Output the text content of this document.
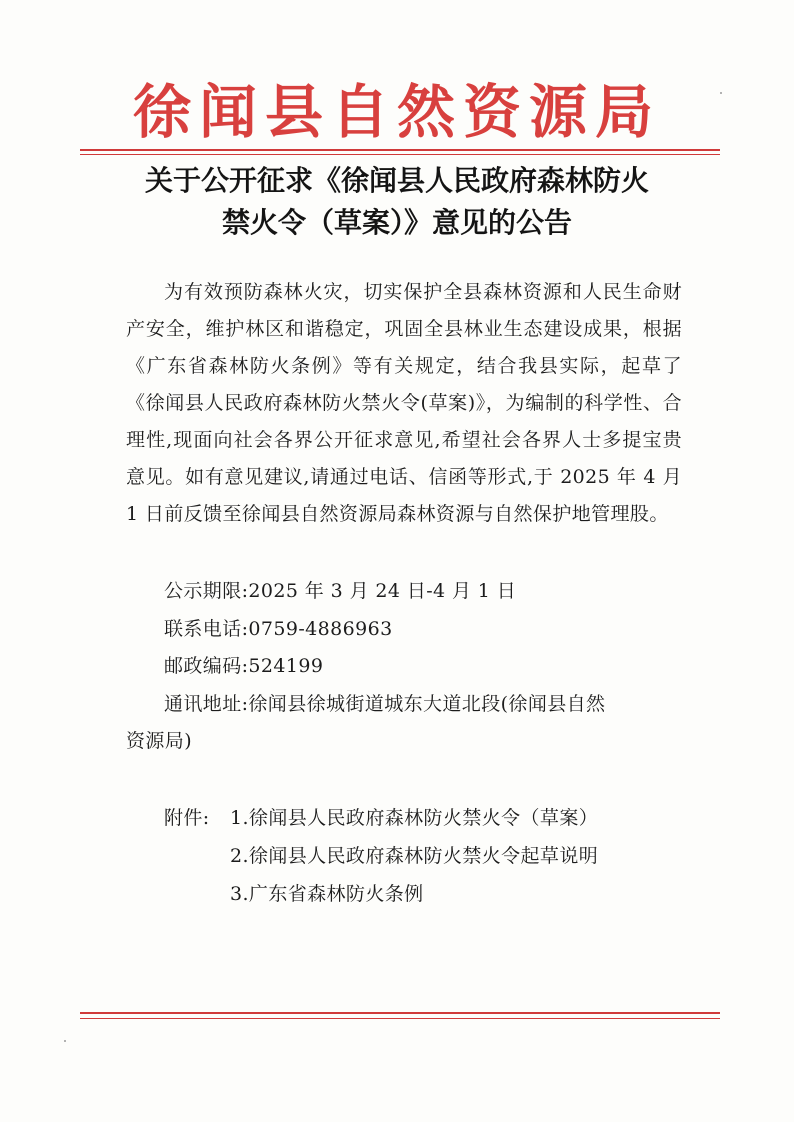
徐闻县自然资源局
关于公开征求《徐闻县人民政府森林防火
禁火令（草案）》意见的公告
为有效预防森林火灾，切实保护全县森林资源和人民生命财产安全，维护林区和谐稳定，巩固全县林业生态建设成果，根据《广东省森林防火条例》等有关规定，结合我县实际，起草了《徐闻县人民政府森林防火禁火令(草案)》，为编制的科学性、合理性,现面向社会各界公开征求意见,希望社会各界人士多提宝贵意见。如有意见建议,请通过电话、信函等形式,于 2025 年 4 月 1 日前反馈至徐闻县自然资源局森林资源与自然保护地管理股。
公示期限:2025 年 3 月 24 日-4 月 1 日
联系电话:0759-4886963
邮政编码:524199
通讯地址:徐闻县徐城街道城东大道北段(徐闻县自然
资源局)
附件: 1.徐闻县人民政府森林防火禁火令（草案）
2.徐闻县人民政府森林防火禁火令起草说明
3.广东省森林防火条例
